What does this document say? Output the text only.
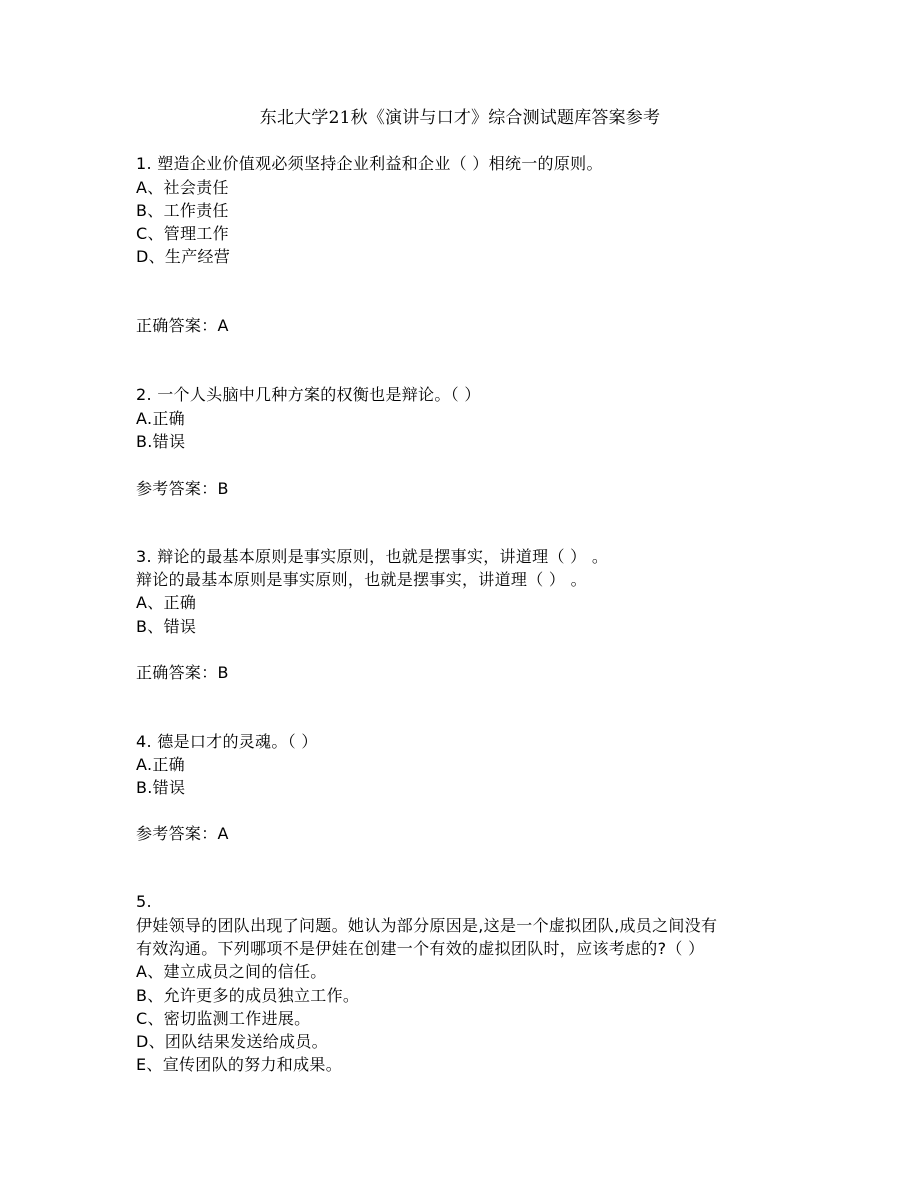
东北大学21秋《演讲与口才》综合测试题库答案参考
1. 塑造企业价值观必须坚持企业利益和企业（ ）相统一的原则。
A、社会责任
B、工作责任
C、管理工作
D、生产经营
正确答案：A
2. 一个人头脑中几种方案的权衡也是辩论。（ ）
A.正确
B.错误
参考答案：B
3. 辩论的最基本原则是事实原则，也就是摆事实，讲道理（ ） 。
辩论的最基本原则是事实原则，也就是摆事实，讲道理（ ） 。
A、正确
B、错误
正确答案：B
4. 德是口才的灵魂。（ ）
A.正确
B.错误
参考答案：A
5.
伊娃领导的团队出现了问题。她认为部分原因是,这是一个虚拟团队,成员之间没有
有效沟通。下列哪项不是伊娃在创建一个有效的虚拟团队时，应该考虑的?（ ）
A、建立成员之间的信任。
B、允许更多的成员独立工作。
C、密切监测工作进展。
D、团队结果发送给成员。
E、宣传团队的努力和成果。
